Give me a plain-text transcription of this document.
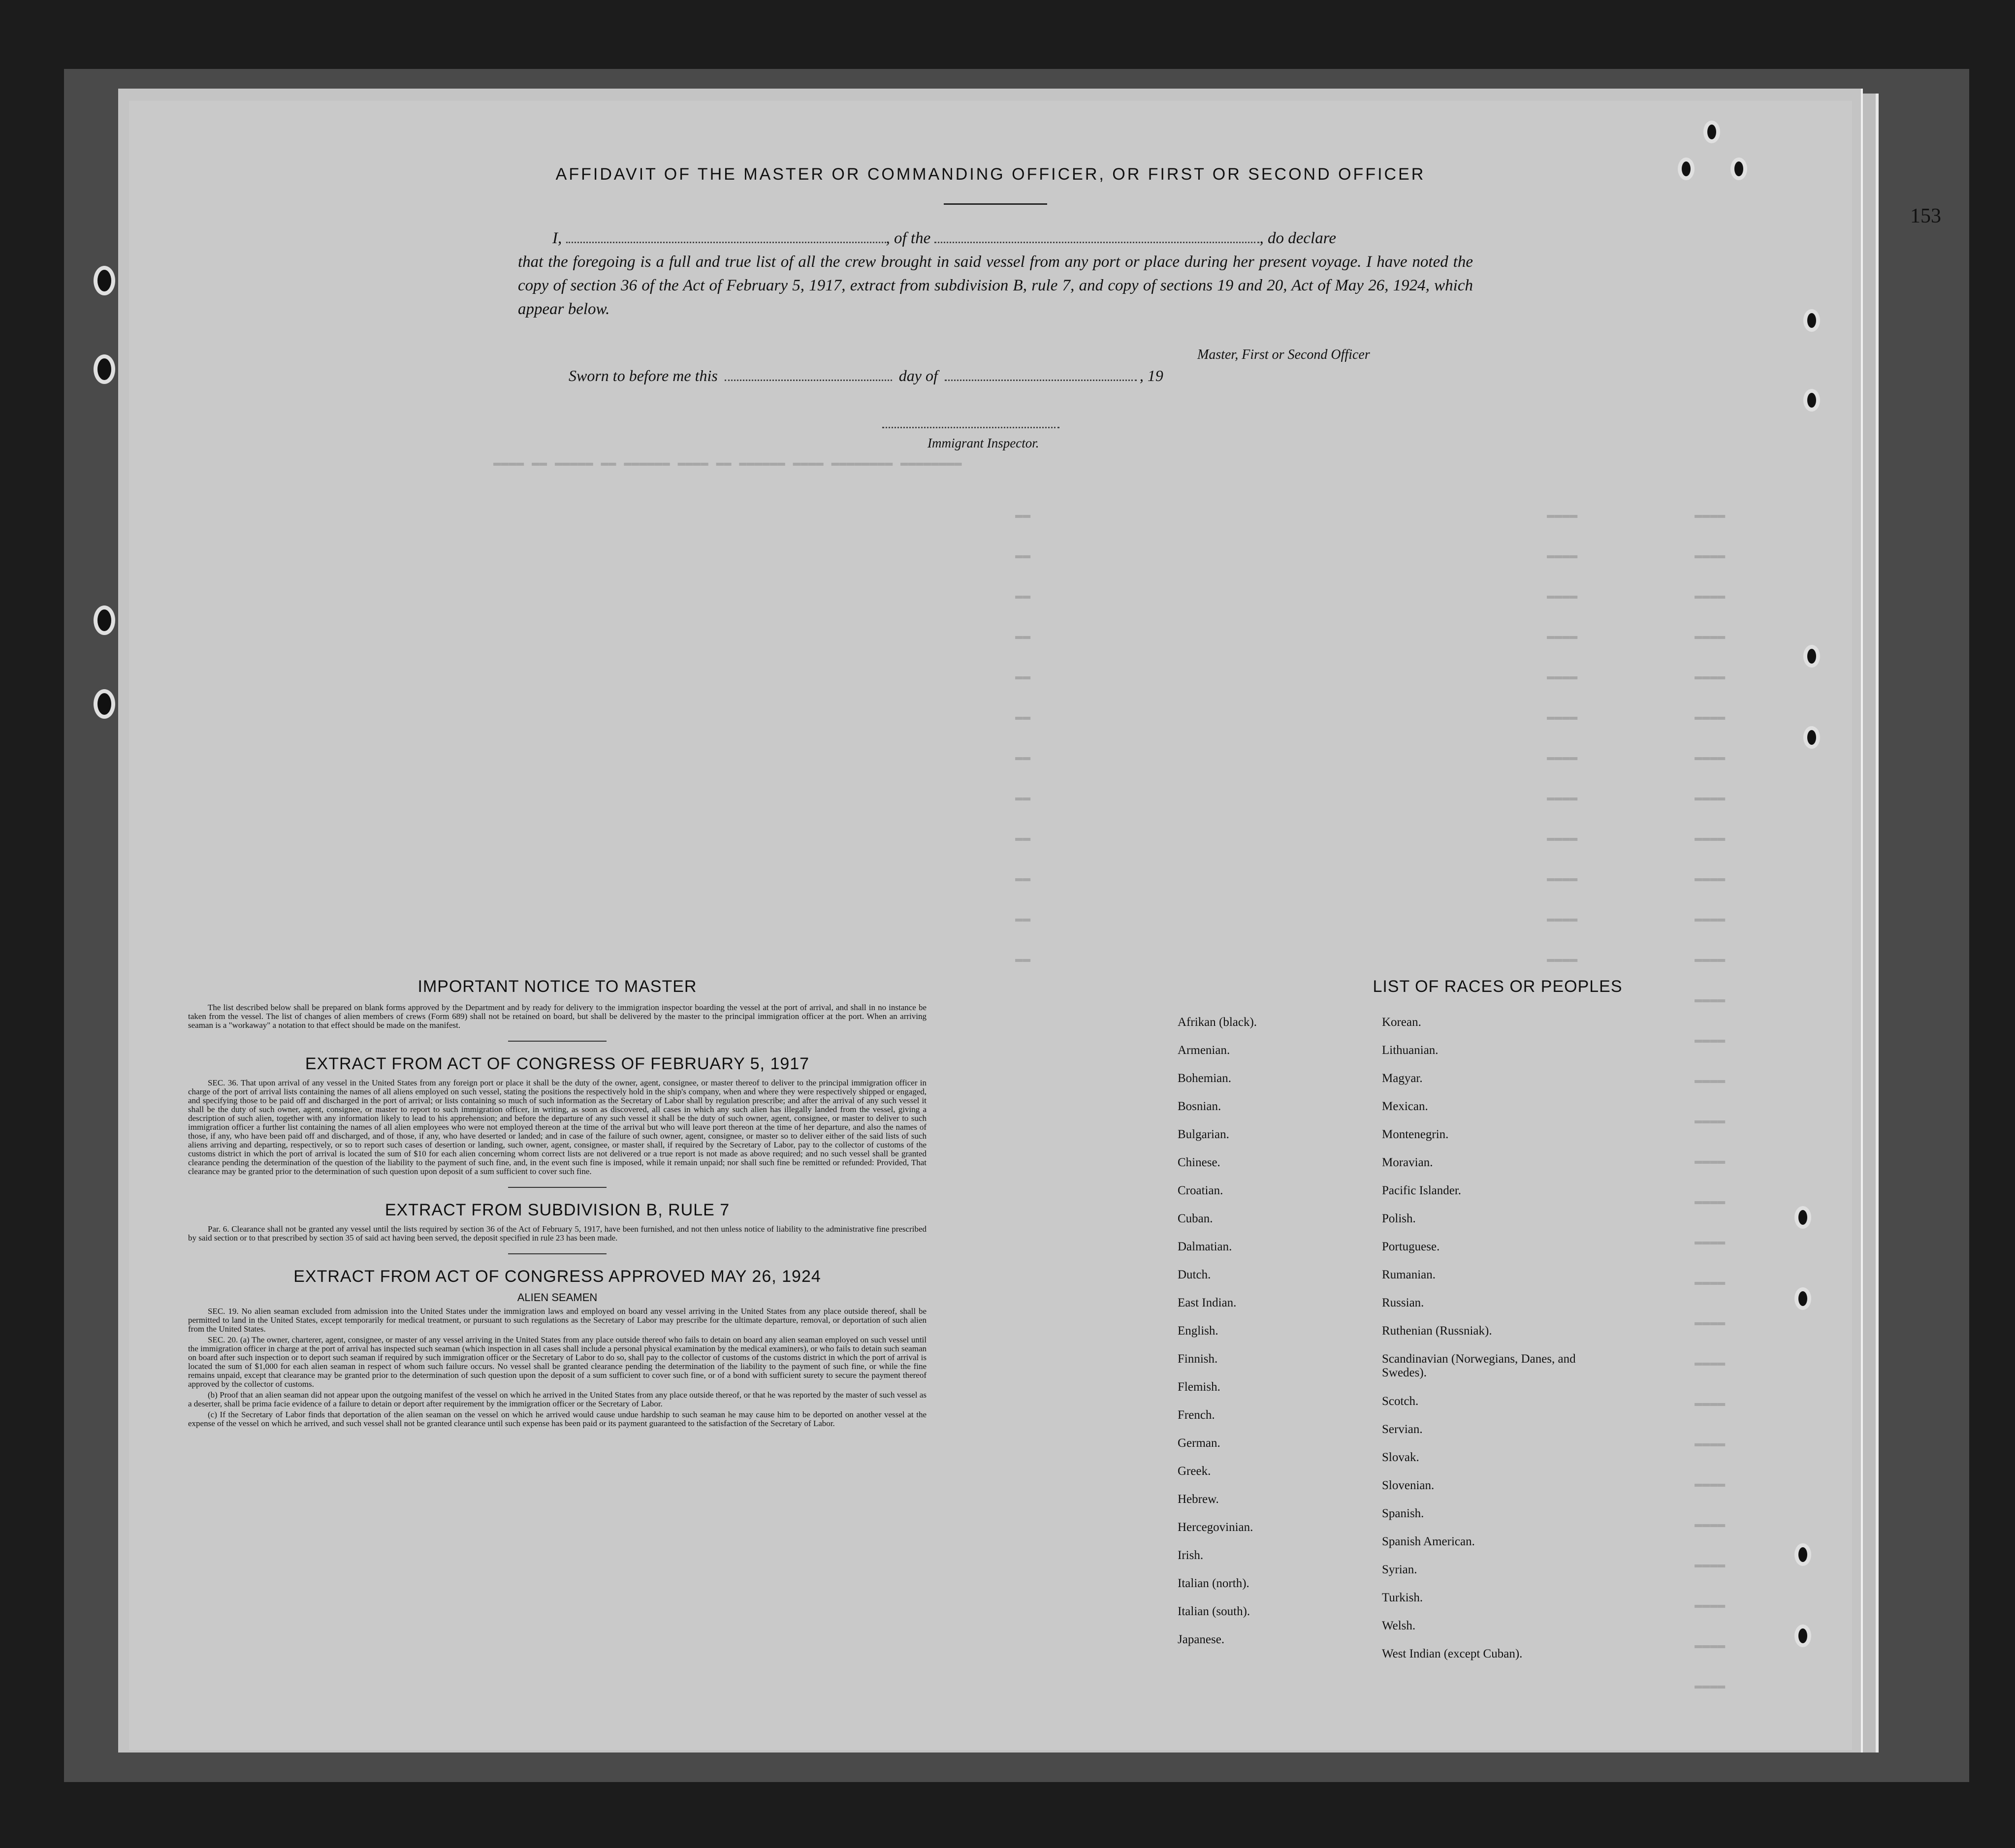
AFFIDAVIT OF THE MASTER OR COMMANDING OFFICER, OR FIRST OR SECOND OFFICER
I,	, of the	, do declare
that the foregoing is a full and true list of all the crew brought in said vessel from any port or place during her present voyage. I have noted the copy of section 36 of the Act of February 5, 1917, extract from subdivision B, rule 7, and copy of sections 19 and 20, Act of May 26, 1924, which appear below.
Master, First or Second Officer
Sworn to before me this	day of	, 19
Immigrant Inspector.
▬▬▬▬ ▬▬ ▬▬▬▬▬ ▬▬ ▬▬▬▬▬▬ ▬▬▬▬ ▬▬ ▬▬▬▬▬▬ ▬▬▬▬ ▬▬▬▬▬▬▬▬ ▬▬▬▬▬▬▬▬
▬▬
▬▬
▬▬
▬▬
▬▬
▬▬
▬▬
▬▬
▬▬
▬▬
▬▬
▬▬
▬▬▬▬
▬▬▬▬
▬▬▬▬
▬▬▬▬
▬▬▬▬
▬▬▬▬
▬▬▬▬
▬▬▬▬
▬▬▬▬
▬▬▬▬
▬▬▬▬
▬▬▬▬
▬▬▬▬
▬▬▬▬
▬▬▬▬
▬▬▬▬
▬▬▬▬
▬▬▬▬
▬▬▬▬
▬▬▬▬
▬▬▬▬
▬▬▬▬
▬▬▬▬
▬▬▬▬
▬▬▬▬
▬▬▬▬
▬▬▬▬
▬▬▬▬
▬▬▬▬
▬▬▬▬
▬▬▬▬
▬▬▬▬
▬▬▬▬
▬▬▬▬
▬▬▬▬
▬▬▬▬
▬▬▬▬
▬▬▬▬
▬▬▬▬
▬▬▬▬
▬▬▬▬
▬▬▬▬
IMPORTANT NOTICE TO MASTER

The list described below shall be prepared on blank forms approved by the Department and by ready for delivery to the immigration inspector boarding the vessel at the port of arrival, and shall in no instance be taken from the vessel. The list of changes of alien members of crews (Form 689) shall not be retained on board, but shall be delivered by the master to the principal immigration officer at the port. When an arriving seaman is a "workaway" a notation to that effect should be made on the manifest.

EXTRACT FROM ACT OF CONGRESS OF FEBRUARY 5, 1917

SEC. 36. That upon arrival of any vessel in the United States from any foreign port or place it shall be the duty of the owner, agent, consignee, or master thereof to deliver to the principal immigration officer in charge of the port of arrival lists containing the names of all aliens employed on such vessel, stating the positions the respectively hold in the ship's company, when and where they were respectively shipped or engaged, and specifying those to be paid off and discharged in the port of arrival; or lists containing so much of such information as the Secretary of Labor shall by regulation prescribe; and after the arrival of any such vessel it shall be the duty of such owner, agent, consignee, or master to report to such immigration officer, in writing, as soon as discovered, all cases in which any such alien has illegally landed from the vessel, giving a description of such alien, together with any information likely to lead to his apprehension; and before the departure of any such vessel it shall be the duty of such owner, agent, consignee, or master to deliver to such immigration officer a further list containing the names of all alien employees who were not employed thereon at the time of the arrival but who will leave port thereon at the time of her departure, and also the names of those, if any, who have been paid off and discharged, and of those, if any, who have deserted or landed; and in case of the failure of such owner, agent, consignee, or master so to deliver either of the said lists of such aliens arriving and departing, respectively, or so to report such cases of desertion or landing, such owner, agent, consignee, or master shall, if required by the Secretary of Labor, pay to the collector of customs of the customs district in which the port of arrival is located the sum of $10 for each alien concerning whom correct lists are not delivered or a true report is not made as above required; and no such vessel shall be granted clearance pending the determination of the question of the liability to the payment of such fine, and, in the event such fine is imposed, while it remain unpaid; nor shall such fine be remitted or refunded: Provided, That clearance may be granted prior to the determination of such question upon deposit of a sum sufficient to cover such fine.

EXTRACT FROM SUBDIVISION B, RULE 7

Par. 6. Clearance shall not be granted any vessel until the lists required by section 36 of the Act of February 5, 1917, have been furnished, and not then unless notice of liability to the administrative fine prescribed by said section or to that prescribed by section 35 of said act having been served, the deposit specified in rule 23 has been made.

EXTRACT FROM ACT OF CONGRESS APPROVED MAY 26, 1924
ALIEN SEAMEN

SEC. 19. No alien seaman excluded from admission into the United States under the immigration laws and employed on board any vessel arriving in the United States from any place outside thereof, shall be permitted to land in the United States, except temporarily for medical treatment, or pursuant to such regulations as the Secretary of Labor may prescribe for the ultimate departure, removal, or deportation of such alien from the United States.

SEC. 20. (a) The owner, charterer, agent, consignee, or master of any vessel arriving in the United States from any place outside thereof who fails to detain on board any alien seaman employed on such vessel until the immigration officer in charge at the port of arrival has inspected such seaman (which inspection in all cases shall include a personal physical examination by the medical examiners), or who fails to detain such seaman on board after such inspection or to deport such seaman if required by such immigration officer or the Secretary of Labor to do so, shall pay to the collector of customs of the customs district in which the port of arrival is located the sum of $1,000 for each alien seaman in respect of whom such failure occurs. No vessel shall be granted clearance pending the determination of the liability to the payment of such fine, or while the fine remains unpaid, except that clearance may be granted prior to the determination of such question upon the deposit of a sum sufficient to cover such fine, or of a bond with sufficient surety to secure the payment thereof approved by the collector of customs.

(b) Proof that an alien seaman did not appear upon the outgoing manifest of the vessel on which he arrived in the United States from any place outside thereof, or that he was reported by the master of such vessel as a deserter, shall be prima facie evidence of a failure to detain or deport after requirement by the immigration officer or the Secretary of Labor.

(c) If the Secretary of Labor finds that deportation of the alien seaman on the vessel on which he arrived would cause undue hardship to such seaman he may cause him to be deported on another vessel at the expense of the vessel on which he arrived, and such vessel shall not be granted clearance until such expense has been paid or its payment guaranteed to the satisfaction of the Secretary of Labor.

LIST OF RACES OR PEOPLES
Afrikan (black).
Armenian.
Bohemian.
Bosnian.
Bulgarian.
Chinese.
Croatian.
Cuban.
Dalmatian.
Dutch.
East Indian.
English.
Finnish.
Flemish.
French.
German.
Greek.
Hebrew.
Hercegovinian.
Irish.
Italian (north).
Italian (south).
Japanese.
Korean.
Lithuanian.
Magyar.
Mexican.
Montenegrin.
Moravian.
Pacific Islander.
Polish.
Portuguese.
Rumanian.
Russian.
Ruthenian (Russniak).
Scandinavian (Norwegians, Danes, and Swedes).
Scotch.
Servian.
Slovak.
Slovenian.
Spanish.
Spanish American.
Syrian.
Turkish.
Welsh.
West Indian (except Cuban).
153
